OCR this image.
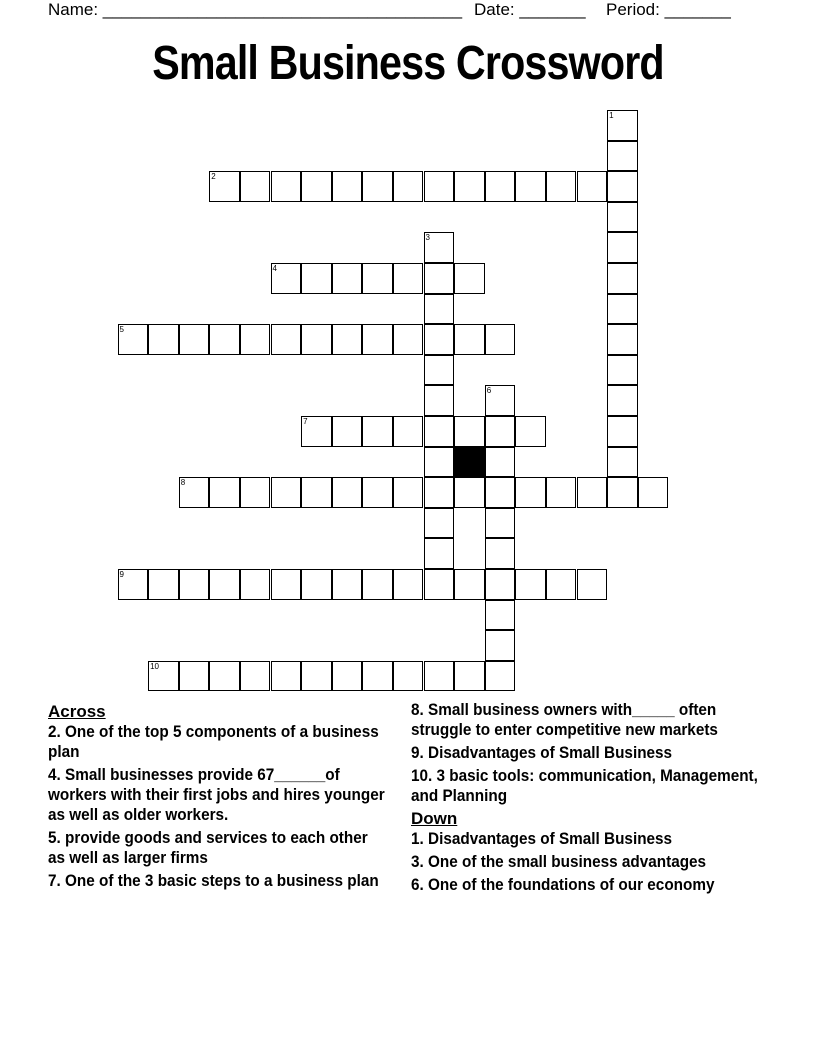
Name: ______________________________________ Date: _______ Period: _______
Small Business Crossword
1
2
3
4
5
6
7
8
9
10
Across
2. One of the top 5 components of a business plan
4. Small businesses provide 67______of workers with their first jobs and hires younger as well as older workers.
5. provide goods and services to each other as well as larger firms
7. One of the 3 basic steps to a business plan
8. Small business owners with_____ often struggle to enter competitive new markets
9. Disadvantages of Small Business
10. 3 basic tools: communication, Management, and Planning
Down
1. Disadvantages of Small Business
3. One of the small business advantages
6. One of the foundations of our economy
